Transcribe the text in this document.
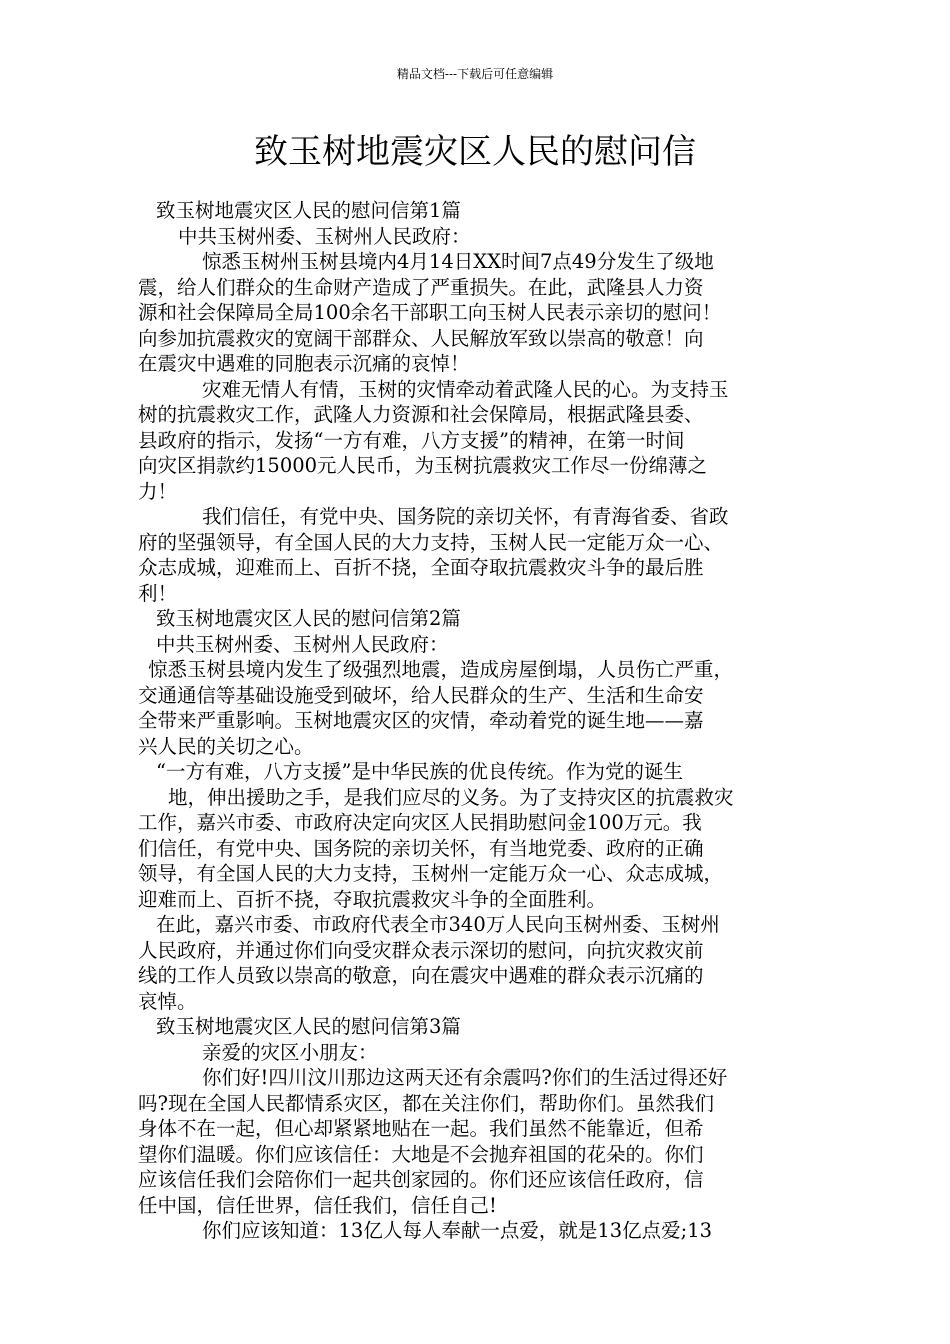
精品文档---下载后可任意编辑
致玉树地震灾区人民的慰问信
致玉树地震灾区人民的慰问信第1篇
中共玉树州委、玉树州人民政府：
惊悉玉树州玉树县境内4月14日XX时间7点49分发生了级地
震，给人们群众的生命财产造成了严重损失。在此，武隆县人力资
源和社会保障局全局100余名干部职工向玉树人民表示亲切的慰问！
向参加抗震救灾的宽阔干部群众、人民解放军致以崇高的敬意！向
在震灾中遇难的同胞表示沉痛的哀悼！
灾难无情人有情，玉树的灾情牵动着武隆人民的心。为支持玉
树的抗震救灾工作，武隆人力资源和社会保障局，根据武隆县委、
县政府的指示，发扬“一方有难，八方支援”的精神，在第一时间
向灾区捐款约15000元人民币，为玉树抗震救灾工作尽一份绵薄之
力！
我们信任，有党中央、国务院的亲切关怀，有青海省委、省政
府的坚强领导，有全国人民的大力支持，玉树人民一定能万众一心、
众志成城，迎难而上、百折不挠，全面夺取抗震救灾斗争的最后胜
利！
致玉树地震灾区人民的慰问信第2篇
中共玉树州委、玉树州人民政府：
惊悉玉树县境内发生了级强烈地震，造成房屋倒塌，人员伤亡严重，
交通通信等基础设施受到破坏，给人民群众的生产、生活和生命安
全带来严重影响。玉树地震灾区的灾情，牵动着党的诞生地——嘉
兴人民的关切之心。
“一方有难，八方支援”是中华民族的优良传统。作为党的诞生
地，伸出援助之手，是我们应尽的义务。为了支持灾区的抗震救灾
工作，嘉兴市委、市政府决定向灾区人民捐助慰问金100万元。我
们信任，有党中央、国务院的亲切关怀，有当地党委、政府的正确
领导，有全国人民的大力支持，玉树州一定能万众一心、众志成城，
迎难而上、百折不挠，夺取抗震救灾斗争的全面胜利。
在此，嘉兴市委、市政府代表全市340万人民向玉树州委、玉树州
人民政府，并通过你们向受灾群众表示深切的慰问，向抗灾救灾前
线的工作人员致以崇高的敬意，向在震灾中遇难的群众表示沉痛的
哀悼。
致玉树地震灾区人民的慰问信第3篇
亲爱的灾区小朋友：
你们好!四川汶川那边这两天还有余震吗?你们的生活过得还好
吗?现在全国人民都情系灾区，都在关注你们，帮助你们。虽然我们
身体不在一起，但心却紧紧地贴在一起。我们虽然不能靠近，但希
望你们温暖。你们应该信任：大地是不会抛弃祖国的花朵的。你们
应该信任我们会陪你们一起共创家园的。你们还应该信任政府，信
任中国，信任世界，信任我们，信任自己!
你们应该知道：13亿人每人奉献一点爱，就是13亿点爱;13
